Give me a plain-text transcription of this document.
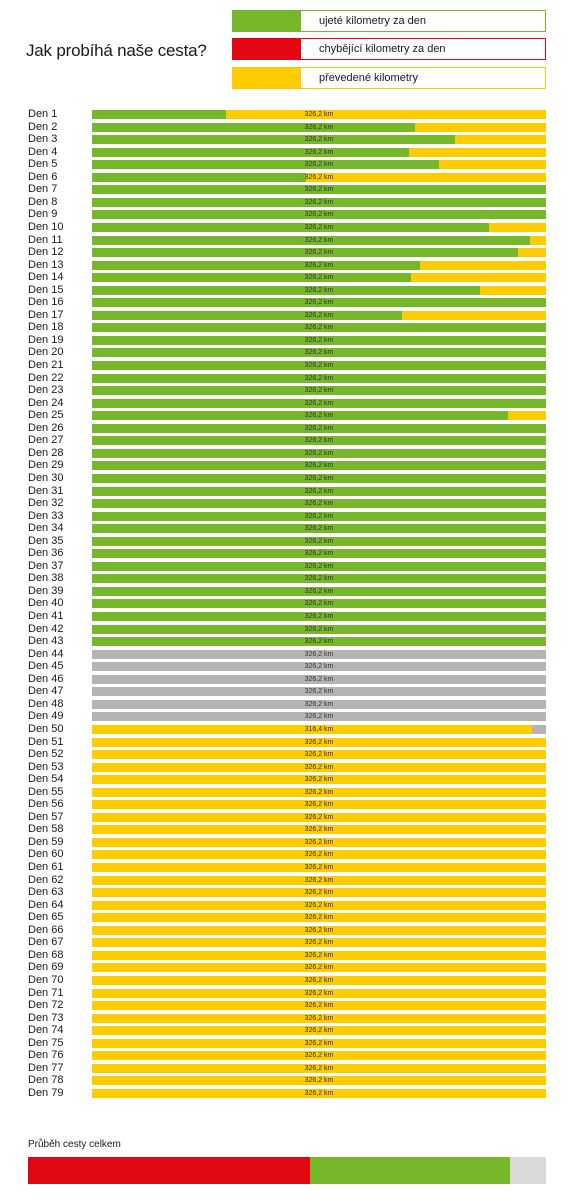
Jak probíhá naše cesta?
ujeté kilometry za den
chybějící kilometry za den
převedené kilometry
Den 1	326,2 km
Den 2	326,2 km
Den 3	326,2 km
Den 4	326,2 km
Den 5	326,2 km
Den 6	326,2 km
Den 7	326,2 km
Den 8	326,2 km
Den 9	326,2 km
Den 10	326,2 km
Den 11	326,2 km
Den 12	326,2 km
Den 13	326,2 km
Den 14	326,2 km
Den 15	326,2 km
Den 16	326,2 km
Den 17	326,2 km
Den 18	326,2 km
Den 19	326,2 km
Den 20	326,2 km
Den 21	326,2 km
Den 22	326,2 km
Den 23	326,2 km
Den 24	326,2 km
Den 25	326,2 km
Den 26	326,2 km
Den 27	326,2 km
Den 28	326,2 km
Den 29	326,2 km
Den 30	326,2 km
Den 31	326,2 km
Den 32	326,2 km
Den 33	326,2 km
Den 34	326,2 km
Den 35	326,2 km
Den 36	326,2 km
Den 37	326,2 km
Den 38	326,2 km
Den 39	326,2 km
Den 40	326,2 km
Den 41	326,2 km
Den 42	326,2 km
Den 43	326,2 km
Den 44	326,2 km
Den 45	326,2 km
Den 46	326,2 km
Den 47	326,2 km
Den 48	326,2 km
Den 49	326,2 km
Den 50	316,4 km
Den 51	326,2 km
Den 52	326,2 km
Den 53	326,2 km
Den 54	326,2 km
Den 55	326,2 km
Den 56	326,2 km
Den 57	326,2 km
Den 58	326,2 km
Den 59	326,2 km
Den 60	326,2 km
Den 61	326,2 km
Den 62	326,2 km
Den 63	326,2 km
Den 64	326,2 km
Den 65	326,2 km
Den 66	326,2 km
Den 67	326,2 km
Den 68	326,2 km
Den 69	326,2 km
Den 70	326,2 km
Den 71	326,2 km
Den 72	326,2 km
Den 73	326,2 km
Den 74	326,2 km
Den 75	326,2 km
Den 76	326,2 km
Den 77	326,2 km
Den 78	326,2 km
Den 79	326,2 km
Průběh cesty celkem
